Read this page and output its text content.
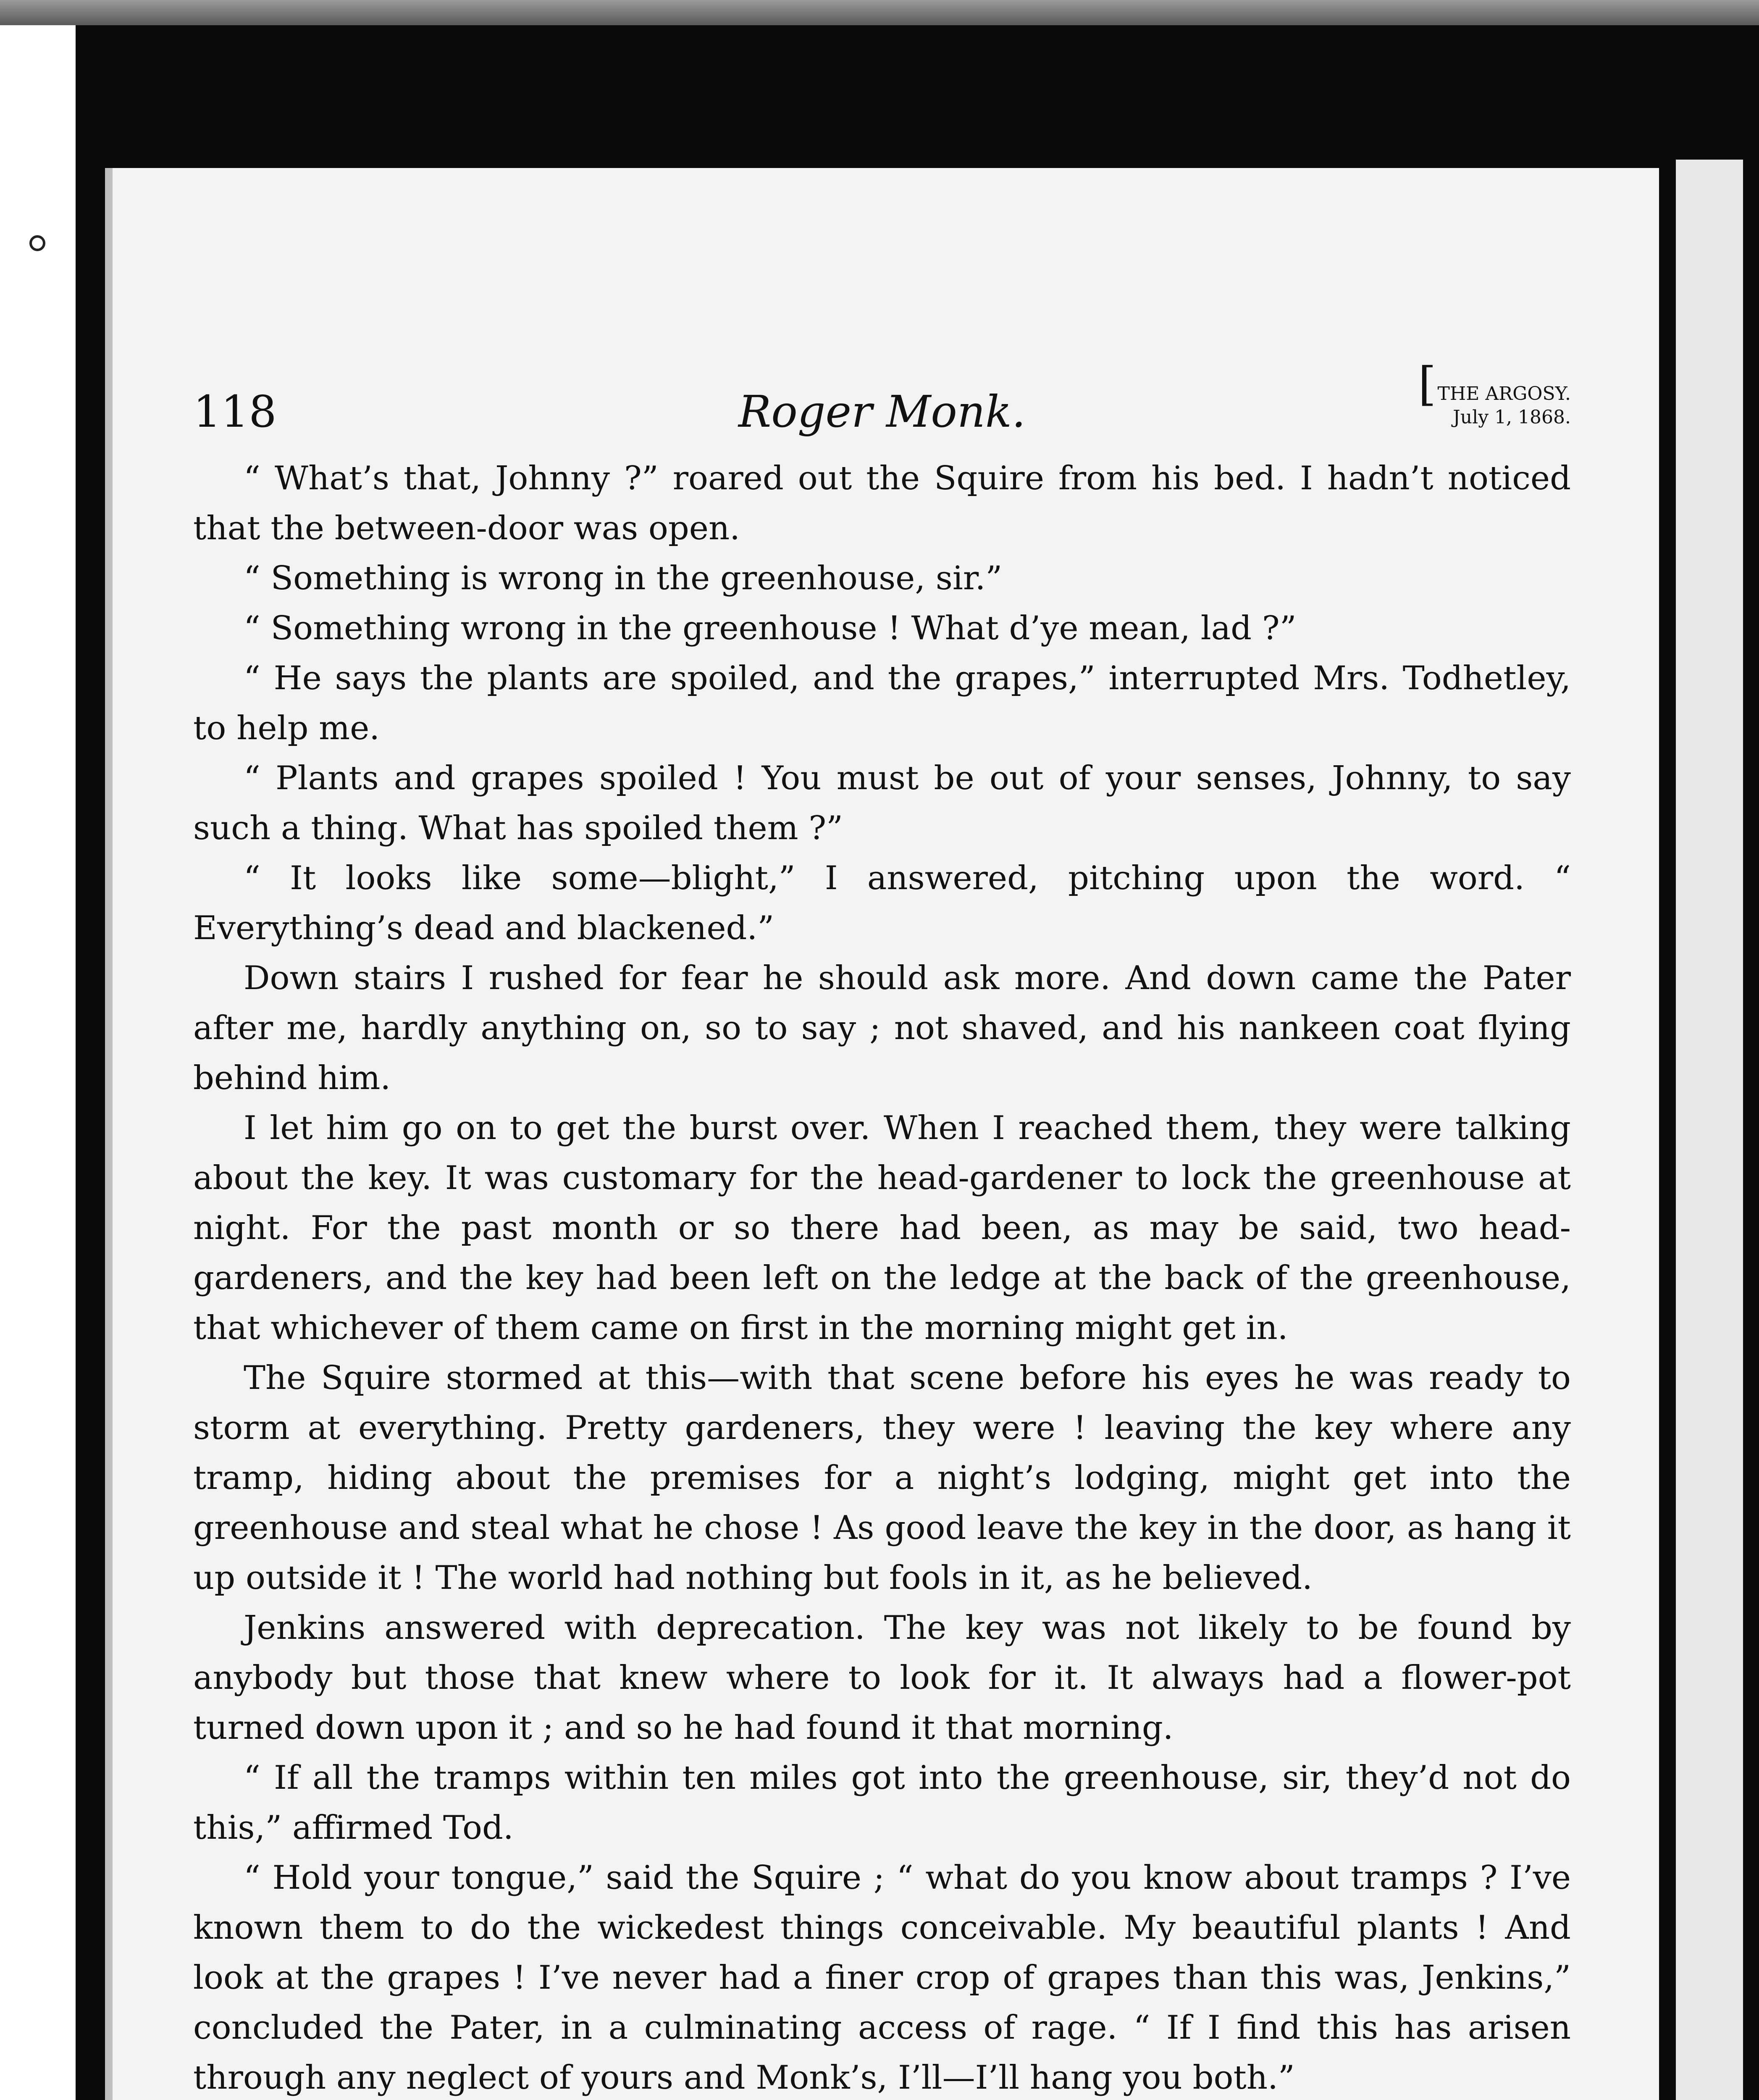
118	Roger Monk.
[ THE ARGOSY.
July 1, 1868.

“ What’s that, Johnny ?” roared out the Squire from his bed. I hadn’t noticed that the between-door was open.

“ Something is wrong in the greenhouse, sir.”

“ Something wrong in the greenhouse ! What d’ye mean, lad ?”

“ He says the plants are spoiled, and the grapes,” interrupted Mrs. Todhetley, to help me.

“ Plants and grapes spoiled ! You must be out of your senses, Johnny, to say such a thing. What has spoiled them ?”

“ It looks like some—blight,” I answered, pitching upon the word. “ Everything’s dead and blackened.”

Down stairs I rushed for fear he should ask more. And down came the Pater after me, hardly anything on, so to say ; not shaved, and his nankeen coat flying behind him.

I let him go on to get the burst over. When I reached them, they were talking about the key. It was customary for the head-gardener to lock the greenhouse at night. For the past month or so there had been, as may be said, two head-gardeners, and the key had been left on the ledge at the back of the greenhouse, that whichever of them came on first in the morning might get in.

The Squire stormed at this—with that scene before his eyes he was ready to storm at everything. Pretty gardeners, they were ! leaving the key where any tramp, hiding about the premises for a night’s lodging, might get into the greenhouse and steal what he chose ! As good leave the key in the door, as hang it up outside it ! The world had nothing but fools in it, as he believed.

Jenkins answered with deprecation. The key was not likely to be found by anybody but those that knew where to look for it. It always had a flower-pot turned down upon it ; and so he had found it that morning.

“ If all the tramps within ten miles got into the greenhouse, sir, they’d not do this,” affirmed Tod.

“ Hold your tongue,” said the Squire ; “ what do you know about tramps ? I’ve known them to do the wickedest things conceivable. My beautiful plants ! And look at the grapes ! I’ve never had a finer crop of grapes than this was, Jenkins,” concluded the Pater, in a culminating access of rage. “ If I find this has arisen through any neglect of yours and Monk’s, I’ll—I’ll hang you both.”
